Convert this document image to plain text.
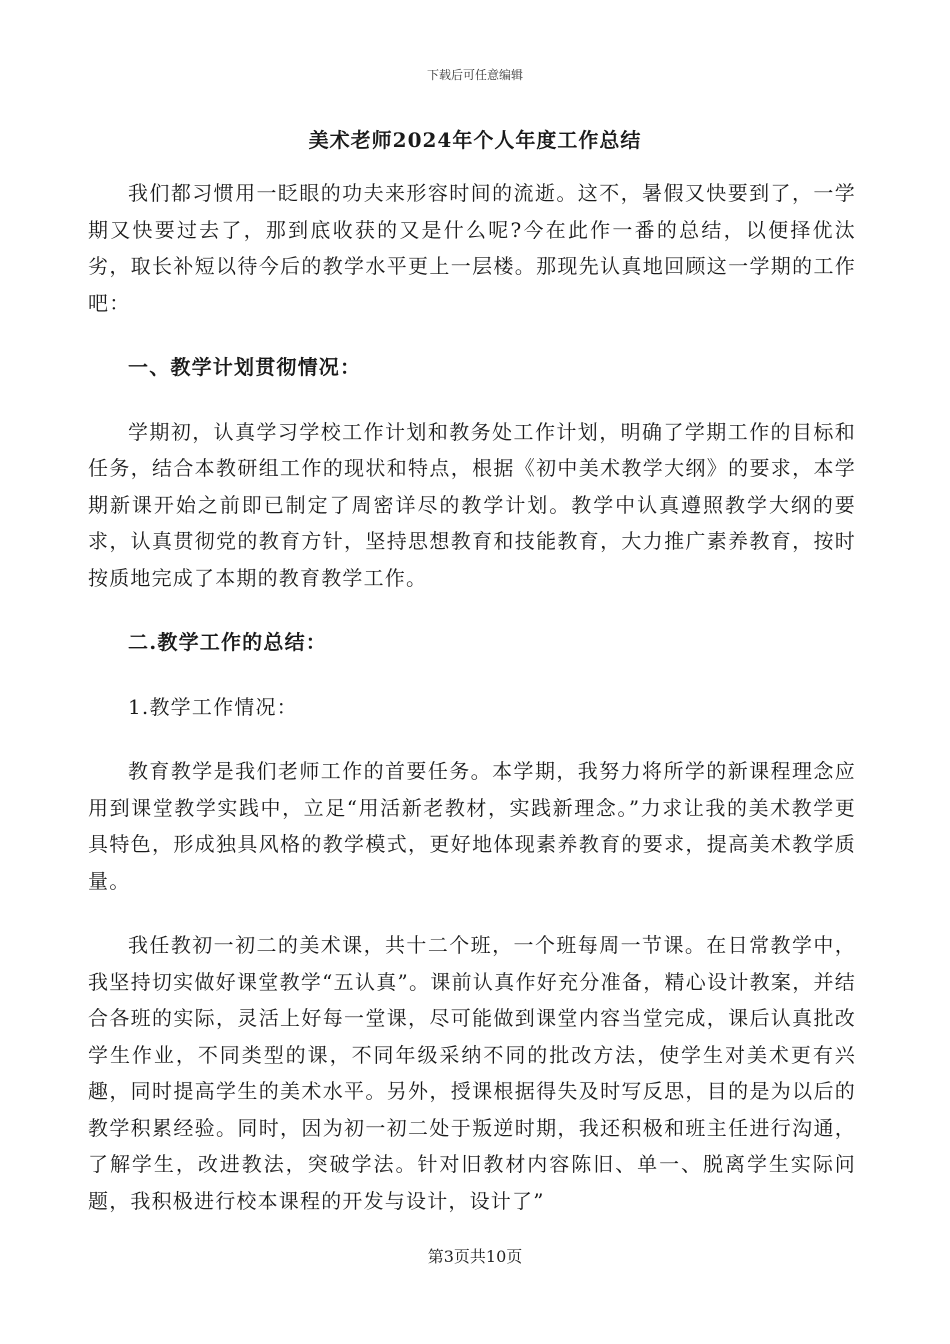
下载后可任意编辑
美术老师2024年个人年度工作总结

我们都习惯用一眨眼的功夫来形容时间的流逝。这不，暑假又快要到了，一学期又快要过去了，那到底收获的又是什么呢?今在此作一番的总结，以便择优汰劣，取长补短以待今后的教学水平更上一层楼。那现先认真地回顾这一学期的工作吧：

一、教学计划贯彻情况：

学期初，认真学习学校工作计划和教务处工作计划，明确了学期工作的目标和任务，结合本教研组工作的现状和特点，根据《初中美术教学大纲》的要求，本学期新课开始之前即已制定了周密详尽的教学计划。教学中认真遵照教学大纲的要求，认真贯彻党的教育方针，坚持思想教育和技能教育，大力推广素养教育，按时按质地完成了本期的教育教学工作。

二.教学工作的总结：

1.教学工作情况：

教育教学是我们老师工作的首要任务。本学期，我努力将所学的新课程理念应用到课堂教学实践中，立足“用活新老教材，实践新理念。”力求让我的美术教学更具特色，形成独具风格的教学模式，更好地体现素养教育的要求，提高美术教学质量。

我任教初一初二的美术课，共十二个班，一个班每周一节课。在日常教学中，我坚持切实做好课堂教学“五认真”。课前认真作好充分准备，精心设计教案，并结合各班的实际，灵活上好每一堂课，尽可能做到课堂内容当堂完成，课后认真批改学生作业，不同类型的课，不同年级采纳不同的批改方法，使学生对美术更有兴趣，同时提高学生的美术水平。另外，授课根据得失及时写反思，目的是为以后的教学积累经验。同时，因为初一初二处于叛逆时期，我还积极和班主任进行沟通，了解学生，改进教法，突破学法。针对旧教材内容陈旧、单一、脱离学生实际问题，我积极进行校本课程的开发与设计，设计了”

第3页共10页
